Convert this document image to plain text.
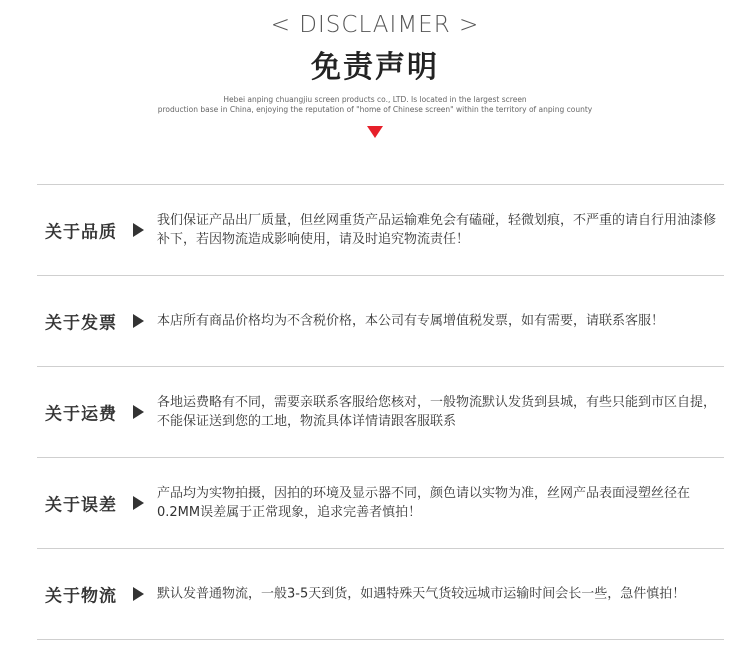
< DISCLAIMER >
免责声明
Hebei anping chuangjiu screen products co., LTD. Is located in the largest screen
production base in China, enjoying the reputation of "home of Chinese screen" within the territory of anping county
关于品质
我们保证产品出厂质量，但丝网重货产品运输难免会有磕碰，轻微划痕，不严重的请自行用油漆修补下，若因物流造成影响使用，请及时追究物流责任！
关于发票	本店所有商品价格均为不含税价格，本公司有专属增值税发票，如有需要，请联系客服！
关于运费
各地运费略有不同，需要亲联系客服给您核对，一般物流默认发货到县城，有些只能到市区自提，不能保证送到您的工地，物流具体详情请跟客服联系
关于误差
产品均为实物拍摄，因拍的环境及显示器不同，颜色请以实物为准，丝网产品表面浸塑丝径在0.2MM误差属于正常现象，追求完善者慎拍！
关于物流	默认发普通物流，一般3-5天到货，如遇特殊天气货较远城市运输时间会长一些，急件慎拍！
